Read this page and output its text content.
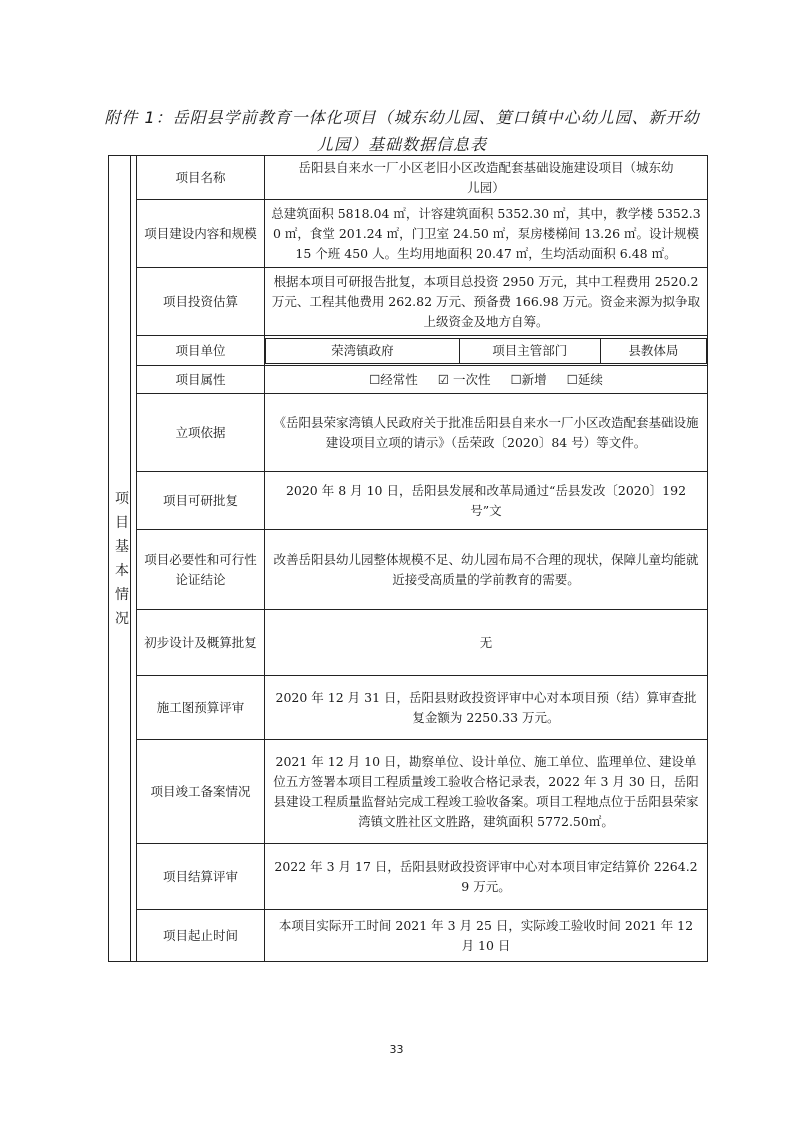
附件 1：岳阳县学前教育一体化项目（城东幼儿园、筻口镇中心幼儿园、新开幼儿园）基础数据信息表
项目基本情况
		项目名称	岳阳县自来水一厂小区老旧小区改造配套基础设施建设项目（城东幼儿园）
项目建设内容和规模	总建筑面积 5818.04 ㎡，计容建筑面积 5352.30 ㎡，其中，教学楼 5352.30 ㎡，食堂 201.24 ㎡，门卫室 24.50 ㎡，泵房楼梯间 13.26 ㎡。设计规模 15 个班 450 人。生均用地面积 20.47 ㎡，生均活动面积 6.48 ㎡。
项目投资估算	根据本项目可研报告批复，本项目总投资 2950 万元，其中工程费用 2520.2 万元、工程其他费用 262.82 万元、预备费 166.98 万元。资金来源为拟争取上级资金及地方自筹。
项目单位		荣湾镇政府	项目主管部门	县教体局

项目属性	☐经常性 ☑ 一次性 ☐新增 ☐延续
立项依据	《岳阳县荣家湾镇人民政府关于批准岳阳县自来水一厂小区改造配套基础设施建设项目立项的请示》（岳荣政〔2020〕84 号）等文件。
项目可研批复	2020 年 8 月 10 日，岳阳县发展和改革局通过“岳县发改〔2020〕192 号”文
项目必要性和可行性论证结论	改善岳阳县幼儿园整体规模不足、幼儿园布局不合理的现状，保障儿童均能就近接受高质量的学前教育的需要。
初步设计及概算批复	无
施工图预算评审	2020 年 12 月 31 日，岳阳县财政投资评审中心对本项目预（结）算审查批复金额为 2250.33 万元。
项目竣工备案情况	2021 年 12 月 10 日，勘察单位、设计单位、施工单位、监理单位、建设单位五方签署本项目工程质量竣工验收合格记录表，2022 年 3 月 30 日，岳阳县建设工程质量监督站完成工程竣工验收备案。项目工程地点位于岳阳县荣家湾镇文胜社区文胜路，建筑面积 5772.50㎡。
项目结算评审	2022 年 3 月 17 日，岳阳县财政投资评审中心对本项目审定结算价 2264.29 万元。
项目起止时间	本项目实际开工时间 2021 年 3 月 25 日，实际竣工验收时间 2021 年 12 月 10 日
33
